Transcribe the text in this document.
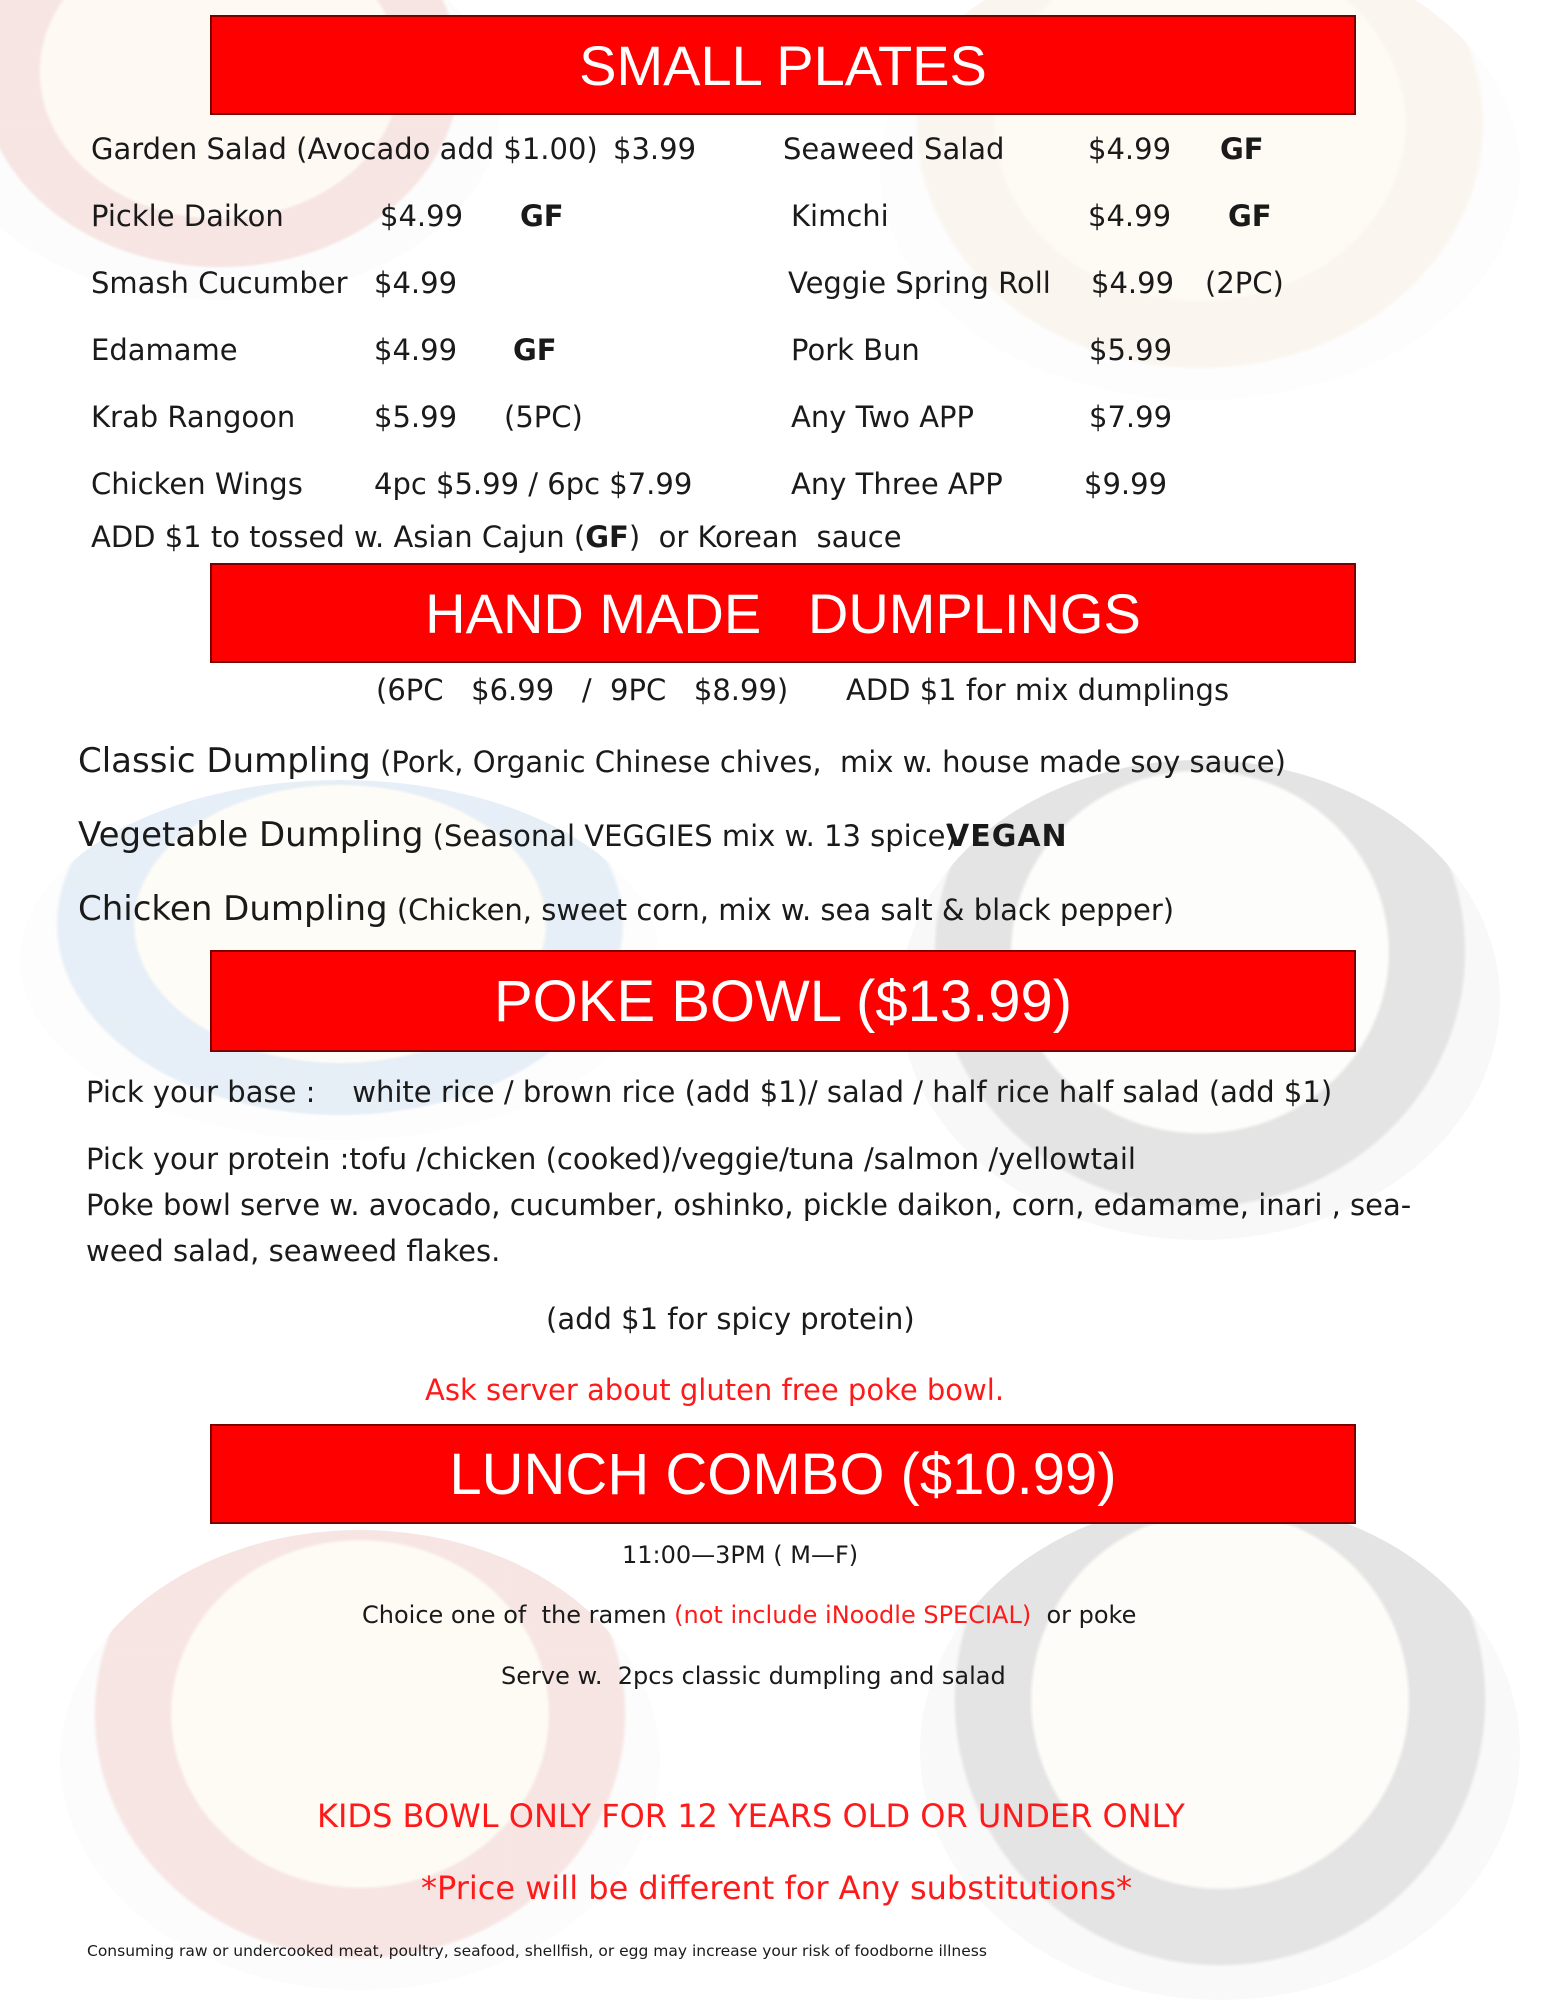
SMALL PLATES
Garden Salad (Avocado add $1.00) $3.99
Pickle Daikon	$4.99 GF
Smash Cucumber $4.99
Edamame	$4.99 GF
Krab Rangoon	$5.99 (5PC)
Chicken Wings 4pc $5.99 / 6pc $7.99
Seaweed Salad	$4.99 GF
Kimchi	$4.99 GF
Veggie Spring Roll $4.99 (2PC)
Pork Bun	$5.99
Any Two APP	$7.99
Any Three APP	$9.99
ADD $1 to tossed w. Asian Cajun (GF)  or Korean  sauce
HAND MADE   DUMPLINGS
(6PC   $6.99   /  9PC   $8.99) ADD $1 for mix dumplings
Classic Dumpling (Pork, Organic Chinese chives,  mix w. house made soy sauce)
Vegetable Dumpling (Seasonal VEGGIES mix w. 13 spice)
VEGAN
Chicken Dumpling (Chicken, sweet corn, mix w. sea salt & black pepper)
POKE BOWL ($13.99)
Pick your base :    white rice / brown rice (add $1)/ salad / half rice half salad (add $1)
Pick your protein :tofu /chicken (cooked)/veggie/tuna /salmon /yellowtail
Poke bowl serve w. avocado, cucumber, oshinko, pickle daikon, corn, edamame, inari , sea-
weed salad, seaweed flakes.
(add $1 for spicy protein)
Ask server about gluten free poke bowl.
LUNCH COMBO ($10.99)
11:00—3PM ( M—F)
Choice one of  the ramen (not include iNoodle SPECIAL)  or poke
Serve w.  2pcs classic dumpling and salad
KIDS BOWL ONLY FOR 12 YEARS OLD OR UNDER ONLY
*Price will be different for Any substitutions*
Consuming raw or undercooked meat, poultry, seafood, shellfish, or egg may increase your risk of foodborne illness
